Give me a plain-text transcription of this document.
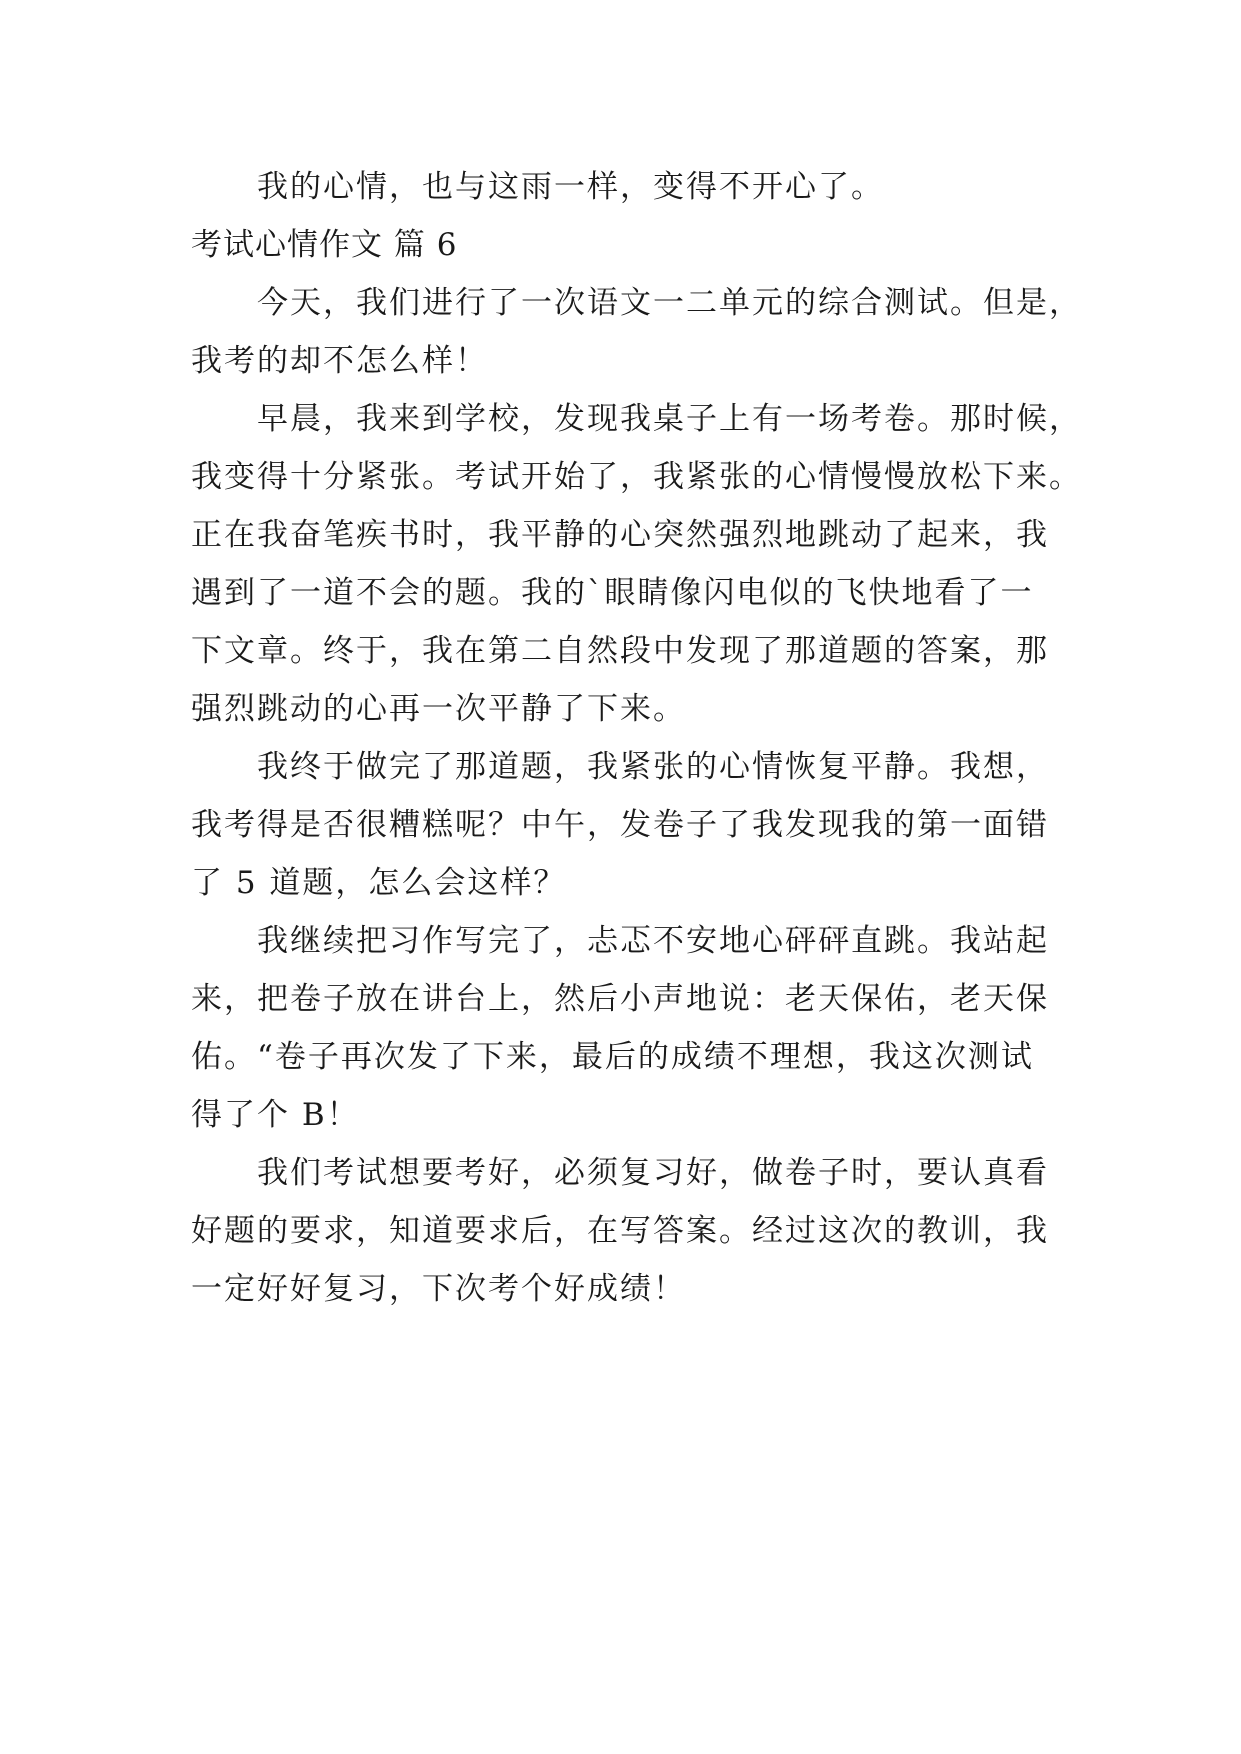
我的心情，也与这雨一样，变得不开心了。
考试心情作文 篇 6
今天，我们进行了一次语文一二单元的综合测试。但是，
我考的却不怎么样！
早晨，我来到学校，发现我桌子上有一场考卷。那时候，
我变得十分紧张。考试开始了，我紧张的心情慢慢放松下来。
正在我奋笔疾书时，我平静的心突然强烈地跳动了起来，我
遇到了一道不会的题。我的`眼睛像闪电似的飞快地看了一
下文章。终于，我在第二自然段中发现了那道题的答案，那
强烈跳动的心再一次平静了下来。
我终于做完了那道题，我紧张的心情恢复平静。我想，
我考得是否很糟糕呢？中午，发卷子了我发现我的第一面错
了 5 道题，怎么会这样？
我继续把习作写完了，忐忑不安地心砰砰直跳。我站起
来，把卷子放在讲台上，然后小声地说：老天保佑，老天保
佑。“卷子再次发了下来，最后的成绩不理想，我这次测试
得了个 B！
我们考试想要考好，必须复习好，做卷子时，要认真看
好题的要求，知道要求后，在写答案。经过这次的教训，我
一定好好复习，下次考个好成绩！
